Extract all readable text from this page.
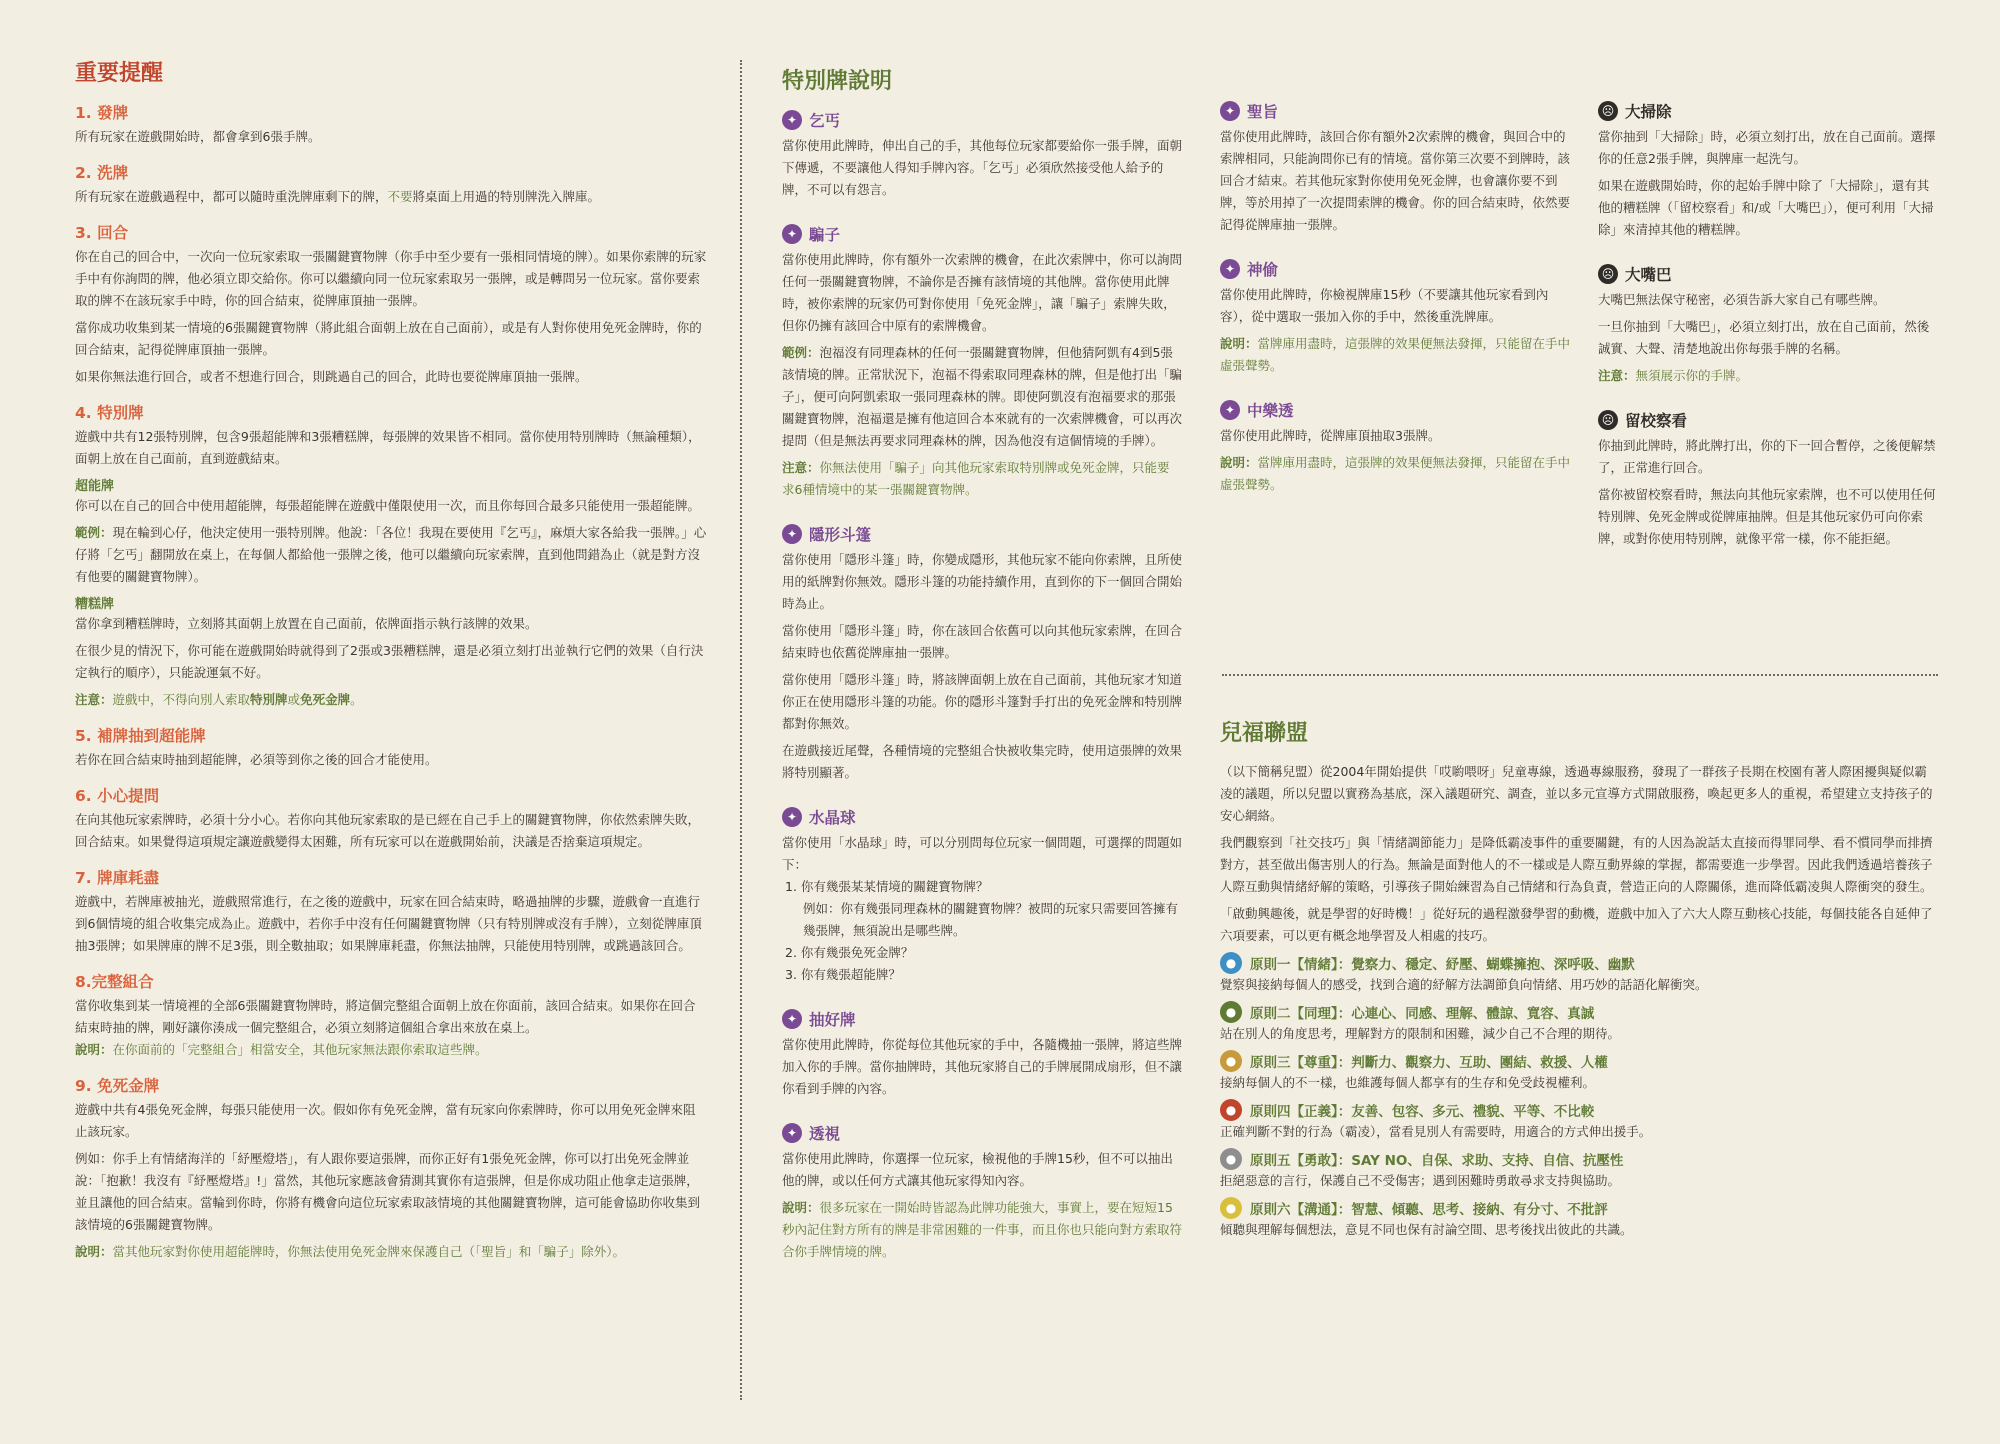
重要提醒
1. 發牌

所有玩家在遊戲開始時，都會拿到6張手牌。

2. 洗牌

所有玩家在遊戲過程中，都可以隨時重洗牌庫剩下的牌，不要將桌面上用過的特別牌洗入牌庫。

3. 回合

你在自己的回合中，一次向一位玩家索取一張關鍵寶物牌（你手中至少要有一張相同情境的牌）。如果你索牌的玩家手中有你詢問的牌，他必須立即交給你。你可以繼續向同一位玩家索取另一張牌，或是轉問另一位玩家。當你要索取的牌不在該玩家手中時，你的回合結束，從牌庫頂抽一張牌。

當你成功收集到某一情境的6張關鍵寶物牌（將此組合面朝上放在自己面前），或是有人對你使用免死金牌時，你的回合結束，記得從牌庫頂抽一張牌。

如果你無法進行回合，或者不想進行回合，則跳過自己的回合，此時也要從牌庫頂抽一張牌。

4. 特別牌

遊戲中共有12張特別牌，包含9張超能牌和3張糟糕牌，每張牌的效果皆不相同。當你使用特別牌時（無論種類），面朝上放在自己面前，直到遊戲結束。

超能牌

你可以在自己的回合中使用超能牌，每張超能牌在遊戲中僅限使用一次，而且你每回合最多只能使用一張超能牌。

範例：現在輪到心仔，他決定使用一張特別牌。他說：「各位！我現在要使用『乞丐』，麻煩大家各給我一張牌。」心仔將「乞丐」翻開放在桌上，在每個人都給他一張牌之後，他可以繼續向玩家索牌，直到他問錯為止（就是對方沒有他要的關鍵寶物牌）。

糟糕牌

當你拿到糟糕牌時，立刻將其面朝上放置在自己面前，依牌面指示執行該牌的效果。

在很少見的情況下，你可能在遊戲開始時就得到了2張或3張糟糕牌，還是必須立刻打出並執行它們的效果（自行決定執行的順序），只能說運氣不好。

注意：遊戲中，不得向別人索取特別牌或免死金牌。

5. 補牌抽到超能牌

若你在回合結束時抽到超能牌，必須等到你之後的回合才能使用。

6. 小心提問

在向其他玩家索牌時，必須十分小心。若你向其他玩家索取的是已經在自己手上的關鍵寶物牌，你依然索牌失敗，回合結束。如果覺得這項規定讓遊戲變得太困難，所有玩家可以在遊戲開始前，決議是否捨棄這項規定。

7. 牌庫耗盡

遊戲中，若牌庫被抽光，遊戲照常進行，在之後的遊戲中，玩家在回合結束時，略過抽牌的步驟，遊戲會一直進行到6個情境的組合收集完成為止。遊戲中，若你手中沒有任何關鍵寶物牌（只有特別牌或沒有手牌），立刻從牌庫頂抽3張牌；如果牌庫的牌不足3張，則全數抽取；如果牌庫耗盡，你無法抽牌，只能使用特別牌，或跳過該回合。

8.完整組合

當你收集到某一情境裡的全部6張關鍵寶物牌時，將這個完整組合面朝上放在你面前，該回合結束。如果你在回合結束時抽的牌，剛好讓你湊成一個完整組合，必須立刻將這個組合拿出來放在桌上。

說明：在你面前的「完整組合」相當安全，其他玩家無法跟你索取這些牌。

9. 免死金牌

遊戲中共有4張免死金牌，每張只能使用一次。假如你有免死金牌，當有玩家向你索牌時，你可以用免死金牌來阻止該玩家。

例如：你手上有情緒海洋的「紓壓燈塔」，有人跟你要這張牌，而你正好有1張免死金牌，你可以打出免死金牌並說：「抱歉！我沒有『紓壓燈塔』!」當然，其他玩家應該會猜測其實你有這張牌，但是你成功阻止他拿走這張牌，並且讓他的回合結束。當輪到你時，你將有機會向這位玩家索取該情境的其他關鍵寶物牌，這可能會協助你收集到該情境的6張關鍵寶物牌。

說明：當其他玩家對你使用超能牌時，你無法使用免死金牌來保護自己（「聖旨」和「騙子」除外）。

特別牌說明
✦ 乞丐

當你使用此牌時，伸出自己的手，其他每位玩家都要給你一張手牌，面朝下傳遞，不要讓他人得知手牌內容。「乞丐」必須欣然接受他人給予的牌，不可以有怨言。

✦ 騙子

當你使用此牌時，你有額外一次索牌的機會，在此次索牌中，你可以詢問任何一張關鍵寶物牌，不論你是否擁有該情境的其他牌。當你使用此牌時，被你索牌的玩家仍可對你使用「免死金牌」，讓「騙子」索牌失敗，但你仍擁有該回合中原有的索牌機會。

範例：泡福沒有同理森林的任何一張關鍵寶物牌，但他猜阿凱有4到5張該情境的牌。正常狀況下，泡福不得索取同理森林的牌，但是他打出「騙子」，便可向阿凱索取一張同理森林的牌。即使阿凱沒有泡福要求的那張關鍵寶物牌，泡福還是擁有他這回合本來就有的一次索牌機會，可以再次提問（但是無法再要求同理森林的牌，因為他沒有這個情境的手牌）。

注意：你無法使用「騙子」向其他玩家索取特別牌或免死金牌，只能要求6種情境中的某一張關鍵寶物牌。

✦ 隱形斗篷

當你使用「隱形斗篷」時，你變成隱形，其他玩家不能向你索牌，且所使用的紙牌對你無效。隱形斗篷的功能持續作用，直到你的下一個回合開始時為止。

當你使用「隱形斗篷」時，你在該回合依舊可以向其他玩家索牌，在回合結束時也依舊從牌庫抽一張牌。

當你使用「隱形斗篷」時，將該牌面朝上放在自己面前，其他玩家才知道你正在使用隱形斗篷的功能。你的隱形斗篷對手打出的免死金牌和特別牌都對你無效。

在遊戲接近尾聲，各種情境的完整組合快被收集完時，使用這張牌的效果將特別顯著。

✦ 水晶球

當你使用「水晶球」時，可以分別問每位玩家一個問題，可選擇的問題如下：

1. 你有幾張某某情境的關鍵寶物牌？
例如：你有幾張同理森林的關鍵寶物牌？被問的玩家只需要回答擁有幾張牌，無須說出是哪些牌。
2. 你有幾張免死金牌？
3. 你有幾張超能牌？
✦ 抽好牌

當你使用此牌時，你從每位其他玩家的手中，各隨機抽一張牌，將這些牌加入你的手牌。當你抽牌時，其他玩家將自己的手牌展開成扇形，但不讓你看到手牌的內容。

✦ 透視

當你使用此牌時，你選擇一位玩家，檢視他的手牌15秒，但不可以抽出他的牌，或以任何方式讓其他玩家得知內容。

說明：很多玩家在一開始時皆認為此牌功能強大，事實上，要在短短15秒內記住對方所有的牌是非常困難的一件事，而且你也只能向對方索取符合你手牌情境的牌。

✦ 聖旨

當你使用此牌時，該回合你有額外2次索牌的機會，與回合中的索牌相同，只能詢問你已有的情境。當你第三次要不到牌時，該回合才結束。若其他玩家對你使用免死金牌，也會讓你要不到牌，等於用掉了一次提問索牌的機會。你的回合結束時，依然要記得從牌庫抽一張牌。

✦ 神偷

當你使用此牌時，你檢視牌庫15秒（不要讓其他玩家看到內容），從中選取一張加入你的手中，然後重洗牌庫。

說明：當牌庫用盡時，這張牌的效果便無法發揮，只能留在手中虛張聲勢。

✦ 中樂透

當你使用此牌時，從牌庫頂抽取3張牌。

說明：當牌庫用盡時，這張牌的效果便無法發揮，只能留在手中虛張聲勢。

☹ 大掃除

當你抽到「大掃除」時，必須立刻打出，放在自己面前。選擇你的任意2張手牌，與牌庫一起洗勻。

如果在遊戲開始時，你的起始手牌中除了「大掃除」，還有其他的糟糕牌（「留校察看」和/或「大嘴巴」），便可利用「大掃除」來清掉其他的糟糕牌。

☹ 大嘴巴

大嘴巴無法保守秘密，必須告訴大家自己有哪些牌。

一旦你抽到「大嘴巴」，必須立刻打出，放在自己面前，然後誠實、大聲、清楚地說出你每張手牌的名稱。

注意：無須展示你的手牌。

☹ 留校察看

你抽到此牌時，將此牌打出，你的下一回合暫停，之後便解禁了，正常進行回合。

當你被留校察看時，無法向其他玩家索牌，也不可以使用任何特別牌、免死金牌或從牌庫抽牌。但是其他玩家仍可向你索牌，或對你使用特別牌，就像平常一樣，你不能拒絕。

兒福聯盟

（以下簡稱兒盟）從2004年開始提供「哎喲喂呀」兒童專線，透過專線服務，發現了一群孩子長期在校園有著人際困擾與疑似霸凌的議題，所以兒盟以實務為基底，深入議題研究、調查，並以多元宣導方式開啟服務，喚起更多人的重視，希望建立支持孩子的安心網絡。

我們觀察到「社交技巧」與「情緒調節能力」是降低霸凌事件的重要關鍵，有的人因為說話太直接而得罪同學、看不慣同學而排擠對方，甚至做出傷害別人的行為。無論是面對他人的不一樣或是人際互動界線的掌握，都需要進一步學習。因此我們透過培養孩子人際互動與情緒紓解的策略，引導孩子開始練習為自己情緒和行為負責，營造正向的人際關係，進而降低霸凌與人際衝突的發生。

「啟動興趣後，就是學習的好時機！」從好玩的過程激發學習的動機，遊戲中加入了六大人際互動核心技能，每個技能各自延伸了六項要素，可以更有概念地學習及人相處的技巧。

●	原則一【情緒】：覺察力、穩定、紓壓、蝴蝶擁抱、深呼吸、幽默

覺察與接納每個人的感受，找到合適的紓解方法調節負向情緒、用巧妙的話語化解衝突。

●	原則二【同理】：心連心、同感、理解、體諒、寬容、真誠

站在別人的角度思考，理解對方的限制和困難，減少自己不合理的期待。

●	原則三【尊重】：判斷力、觀察力、互助、團結、救援、人權

接納每個人的不一樣，也維護每個人都享有的生存和免受歧視權利。

●	原則四【正義】：友善、包容、多元、禮貌、平等、不比較

正確判斷不對的行為（霸凌），當看見別人有需要時，用適合的方式伸出援手。

●	原則五【勇敢】：SAY NO、自保、求助、支持、自信、抗壓性

拒絕惡意的言行，保護自己不受傷害；遇到困難時勇敢尋求支持與協助。

●	原則六【溝通】：智慧、傾聽、思考、接納、有分寸、不批評

傾聽與理解每個想法，意見不同也保有討論空間、思考後找出彼此的共識。
